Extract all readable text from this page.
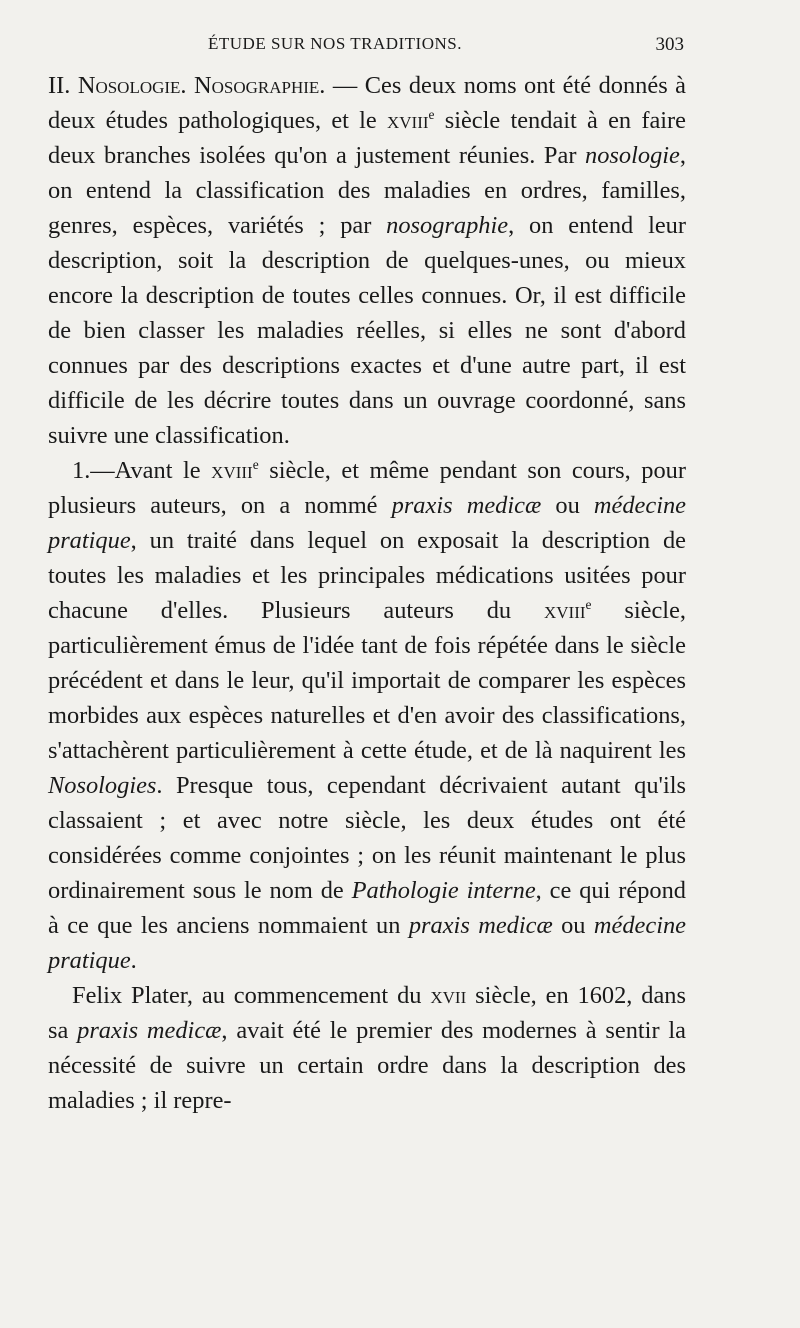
ÉTUDE SUR NOS TRADITIONS.	303

II. Nosologie. Nosographie. — Ces deux noms ont été donnés à deux études pathologiques, et le xviii$^e$ siècle tendait à en faire deux branches isolées qu'on a justement réunies. Par nosologie, on entend la classification des maladies en ordres, familles, genres, espèces, variétés ; par nosographie, on entend leur description, soit la description de quelques-unes, ou mieux encore la description de toutes celles connues. Or, il est difficile de bien classer les maladies réelles, si elles ne sont d'abord connues par des descriptions exactes et d'une autre part, il est difficile de les décrire toutes dans un ouvrage coordonné, sans suivre une classification.

1.—Avant le xviii$^e$ siècle, et même pendant son cours, pour plusieurs auteurs, on a nommé praxis medicæ ou médecine pratique, un traité dans lequel on exposait la description de toutes les maladies et les principales médications usitées pour chacune d'elles. Plusieurs auteurs du xviii$^e$ siècle, particulièrement émus de l'idée tant de fois répétée dans le siècle précédent et dans le leur, qu'il importait de comparer les espèces morbides aux espèces naturelles et d'en avoir des classifications, s'attachèrent particulièrement à cette étude, et de là naquirent les Nosologies. Presque tous, cependant décrivaient autant qu'ils classaient ; et avec notre siècle, les deux études ont été considérées comme conjointes ; on les réunit maintenant le plus ordinairement sous le nom de Pathologie interne, ce qui répond à ce que les anciens nommaient un praxis medicæ ou médecine pratique.

Felix Plater, au commencement du xvii siècle, en 1602, dans sa praxis medicæ, avait été le premier des modernes à sentir la nécessité de suivre un certain ordre dans la description des maladies ; il repre-
